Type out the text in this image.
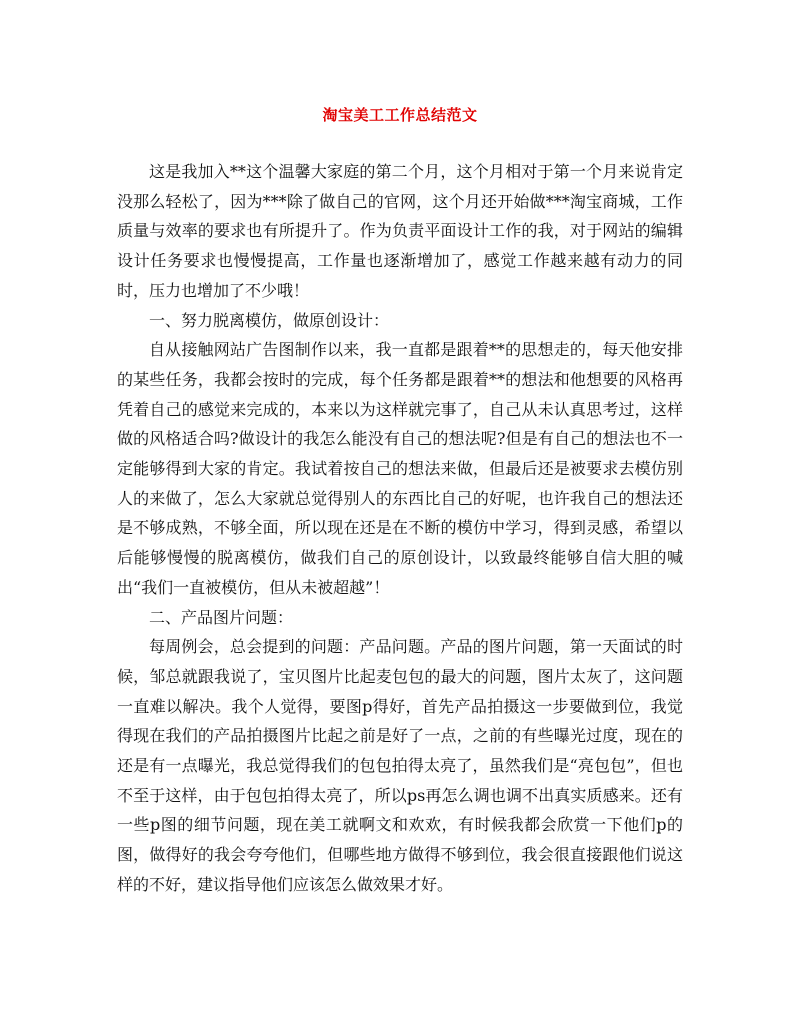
淘宝美工工作总结范文

这是我加入**这个温馨大家庭的第二个月，这个月相对于第一个月来说肯定没那么轻松了，因为***除了做自己的官网，这个月还开始做***淘宝商城，工作质量与效率的要求也有所提升了。作为负责平面设计工作的我，对于网站的编辑设计任务要求也慢慢提高，工作量也逐渐增加了，感觉工作越来越有动力的同时，压力也增加了不少哦！

一、努力脱离模仿，做原创设计：

自从接触网站广告图制作以来，我一直都是跟着**的思想走的，每天他安排的某些任务，我都会按时的完成，每个任务都是跟着**的想法和他想要的风格再凭着自己的感觉来完成的，本来以为这样就完事了，自己从未认真思考过，这样做的风格适合吗?做设计的我怎么能没有自己的想法呢?但是有自己的想法也不一定能够得到大家的肯定。我试着按自己的想法来做，但最后还是被要求去模仿别人的来做了，怎么大家就总觉得别人的东西比自己的好呢，也许我自己的想法还是不够成熟，不够全面，所以现在还是在不断的模仿中学习，得到灵感，希望以后能够慢慢的脱离模仿，做我们自己的原创设计，以致最终能够自信大胆的喊出“我们一直被模仿，但从未被超越”！

二、产品图片问题：

每周例会，总会提到的问题：产品问题。产品的图片问题，第一天面试的时候，邹总就跟我说了，宝贝图片比起麦包包的最大的问题，图片太灰了，这问题一直难以解决。我个人觉得，要图p得好，首先产品拍摄这一步要做到位，我觉得现在我们的产品拍摄图片比起之前是好了一点，之前的有些曝光过度，现在的还是有一点曝光，我总觉得我们的包包拍得太亮了，虽然我们是“亮包包”，但也不至于这样，由于包包拍得太亮了，所以ps再怎么调也调不出真实质感来。还有一些p图的细节问题，现在美工就啊文和欢欢，有时候我都会欣赏一下他们p的图，做得好的我会夸夸他们，但哪些地方做得不够到位，我会很直接跟他们说这样的不好，建议指导他们应该怎么做效果才好。
